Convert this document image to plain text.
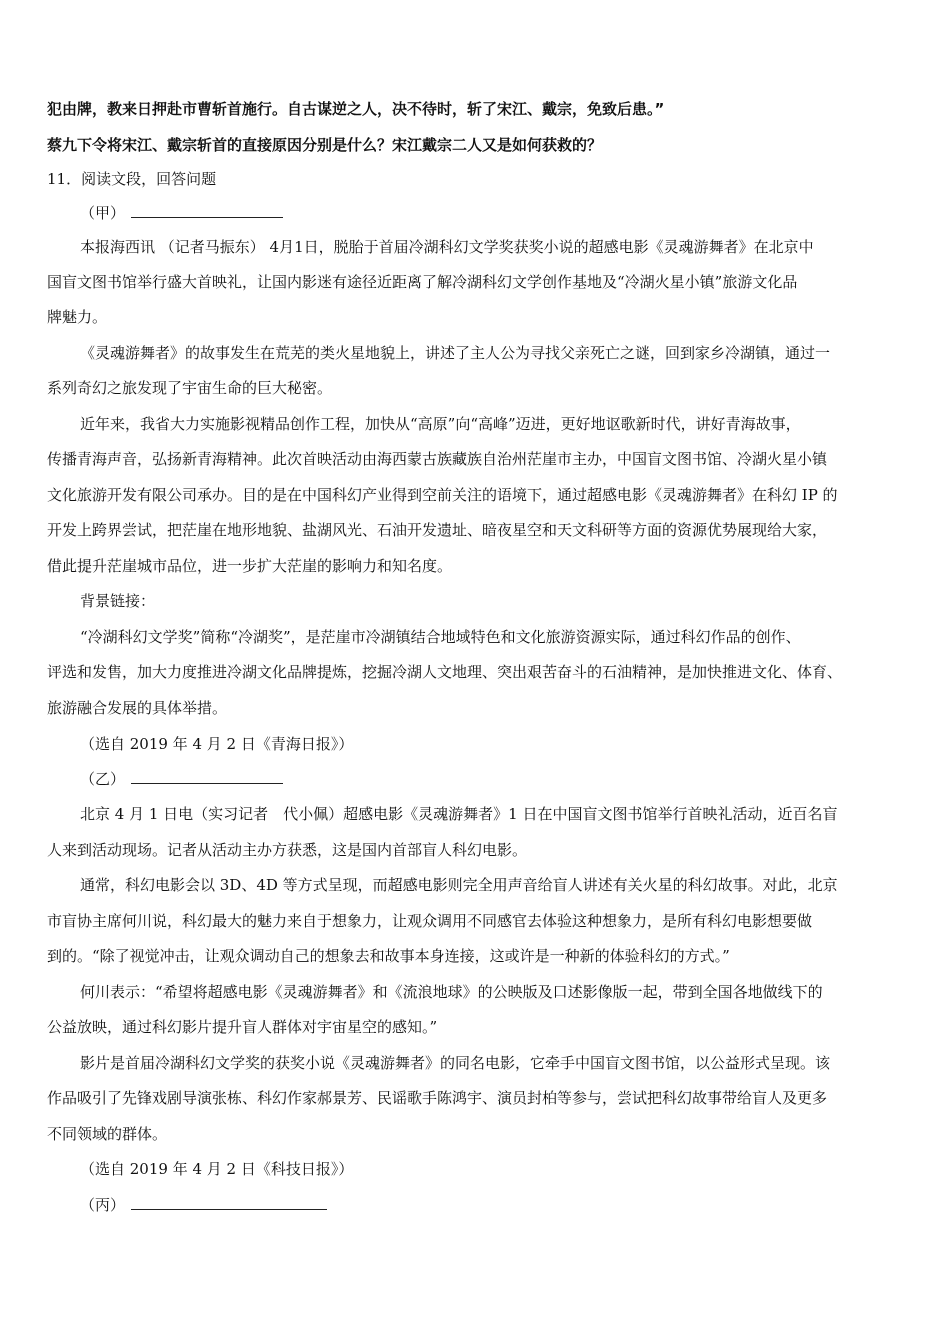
犯由牌，教来日押赴市曹斩首施行。自古谋逆之人，决不待时，斩了宋江、戴宗，免致后患。”
蔡九下令将宋江、戴宗斩首的直接原因分别是什么？宋江戴宗二人又是如何获救的？
11．阅读文段，回答问题
（甲）
本报海西讯 （记者马振东） 4月1日，脱胎于首届冷湖科幻文学奖获奖小说的超感电影《灵魂游舞者》在北京中
国盲文图书馆举行盛大首映礼，让国内影迷有途径近距离了解冷湖科幻文学创作基地及“冷湖火星小镇”旅游文化品
牌魅力。
《灵魂游舞者》的故事发生在荒芜的类火星地貌上，讲述了主人公为寻找父亲死亡之谜，回到家乡冷湖镇，通过一
系列奇幻之旅发现了宇宙生命的巨大秘密。
近年来，我省大力实施影视精品创作工程，加快从“高原”向“高峰”迈进，更好地讴歌新时代，讲好青海故事，
传播青海声音，弘扬新青海精神。此次首映活动由海西蒙古族藏族自治州茫崖市主办，中国盲文图书馆、冷湖火星小镇
文化旅游开发有限公司承办。目的是在中国科幻产业得到空前关注的语境下，通过超感电影《灵魂游舞者》在科幻 IP 的
开发上跨界尝试，把茫崖在地形地貌、盐湖风光、石油开发遗址、暗夜星空和天文科研等方面的资源优势展现给大家，
借此提升茫崖城市品位，进一步扩大茫崖的影响力和知名度。
背景链接：
“冷湖科幻文学奖”简称“冷湖奖”，是茫崖市冷湖镇结合地域特色和文化旅游资源实际，通过科幻作品的创作、
评选和发售，加大力度推进冷湖文化品牌提炼，挖掘冷湖人文地理、突出艰苦奋斗的石油精神，是加快推进文化、体育、
旅游融合发展的具体举措。
（选自 2019 年 4 月 2 日《青海日报》）
（乙）
北京 4 月 1 日电（实习记者　代小佩）超感电影《灵魂游舞者》1 日在中国盲文图书馆举行首映礼活动，近百名盲
人来到活动现场。记者从活动主办方获悉，这是国内首部盲人科幻电影。
通常，科幻电影会以 3D、4D 等方式呈现，而超感电影则完全用声音给盲人讲述有关火星的科幻故事。对此，北京
市盲协主席何川说，科幻最大的魅力来自于想象力，让观众调用不同感官去体验这种想象力，是所有科幻电影想要做
到的。“除了视觉冲击，让观众调动自己的想象去和故事本身连接，这或许是一种新的体验科幻的方式。”
何川表示：“希望将超感电影《灵魂游舞者》和《流浪地球》的公映版及口述影像版一起，带到全国各地做线下的
公益放映，通过科幻影片提升盲人群体对宇宙星空的感知。”
影片是首届冷湖科幻文学奖的获奖小说《灵魂游舞者》的同名电影，它牵手中国盲文图书馆，以公益形式呈现。该
作品吸引了先锋戏剧导演张栋、科幻作家郝景芳、民谣歌手陈鸿宇、演员封柏等参与，尝试把科幻故事带给盲人及更多
不同领域的群体。
（选自 2019 年 4 月 2 日《科技日报》）
（丙）
